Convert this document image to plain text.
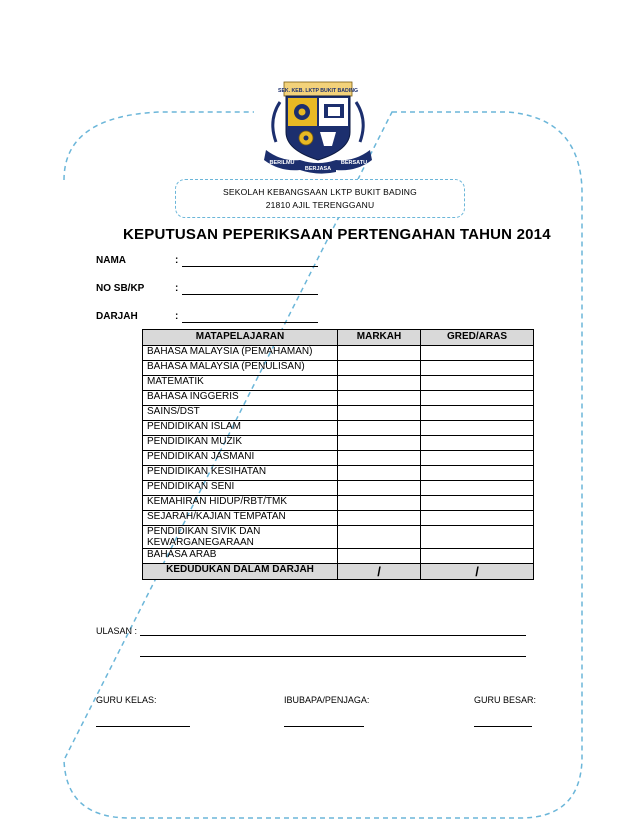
SEK. KEB. LKTP BUKIT BADING
BERILMU
BERJASA
BERSATU
SEKOLAH KEBANGSAAN LKTP BUKIT BADING
21810 AJIL TERENGGANU
KEPUTUSAN PEPERIKSAAN PERTENGAHAN TAHUN 2014
NAMA	:
NO SB/KP	:
DARJAH	:
MATAPELAJARAN	MARKAH	GRED/ARAS
BAHASA MALAYSIA (PEMAHAMAN)		
BAHASA MALAYSIA (PENULISAN)		
MATEMATIK		
BAHASA INGGERIS		
SAINS/DST		
PENDIDIKAN ISLAM		
PENDIDIKAN MUZIK		
PENDIDIKAN JASMANI		
PENDIDIKAN KESIHATAN		
PENDIDIKAN SENI		
KEMAHIRAN HIDUP/RBT/TMK		
SEJARAH/KAJIAN TEMPATAN		

PENDIDIKAN SIVIK DAN
KEWARGANEGARAAN		

BAHASA ARAB		
KEDUDUKAN DALAM DARJAH	/	/
ULASAN :
GURU KELAS:	IBUBAPA/PENJAGA:	GURU BESAR:
